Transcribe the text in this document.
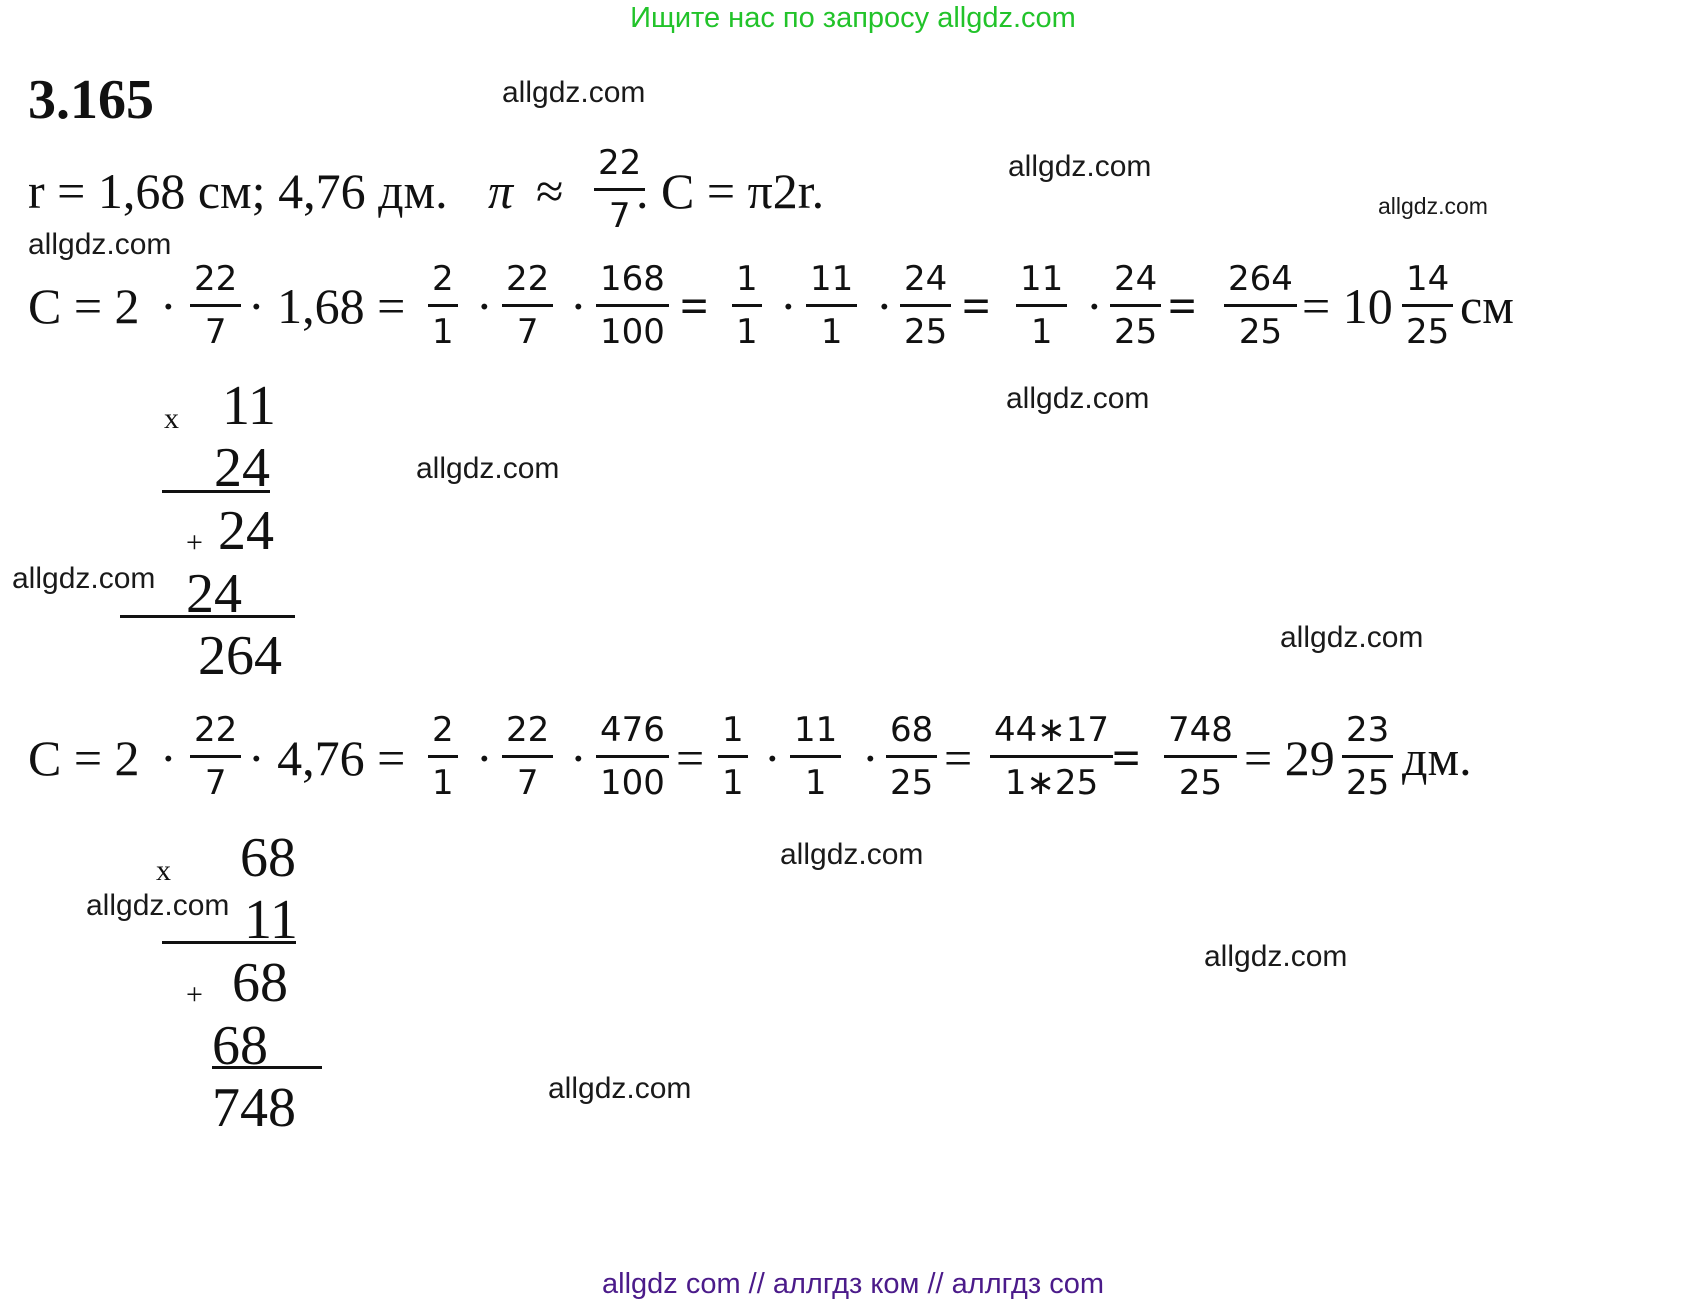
Ищите нас по запросу allgdz.com
3.165
r = 1,68 см; 4,76 дм. $\pi \approx \frac{22}{7}$
. C = π2r.
$C = 2 \cdot \frac{22}{7} \cdot 1,68 = \frac{2}{1} \cdot \frac{22}{7} \cdot \frac{168}{100} = \frac{1}{1} \cdot \frac{11}{1} \cdot \frac{24}{25} = \frac{11}{1} \cdot \frac{24}{25} = \frac{264}{25} = 10 \frac{14}{25}$ см
x 11
24
+ 24
24
264
$C = 2 \cdot \frac{22}{7} \cdot 4,76 = \frac{2}{1} \cdot \frac{22}{7} \cdot \frac{476}{100} = \frac{1}{1} \cdot \frac{11}{1} \cdot \frac{68}{25} = \frac{44∗17}{1∗25}$
= $\frac{748}{25} = 29 \frac{23}{25}$ дм.
x 68
11
+ 68
68
748
allgdz.com
allgdz.com
allgdz.com
allgdz.com
allgdz.com
allgdz.com
allgdz.com
allgdz.com
allgdz.com
allgdz.com
allgdz.com
allgdz.com
allgdz com // аллгдз ком // аллгдз com
